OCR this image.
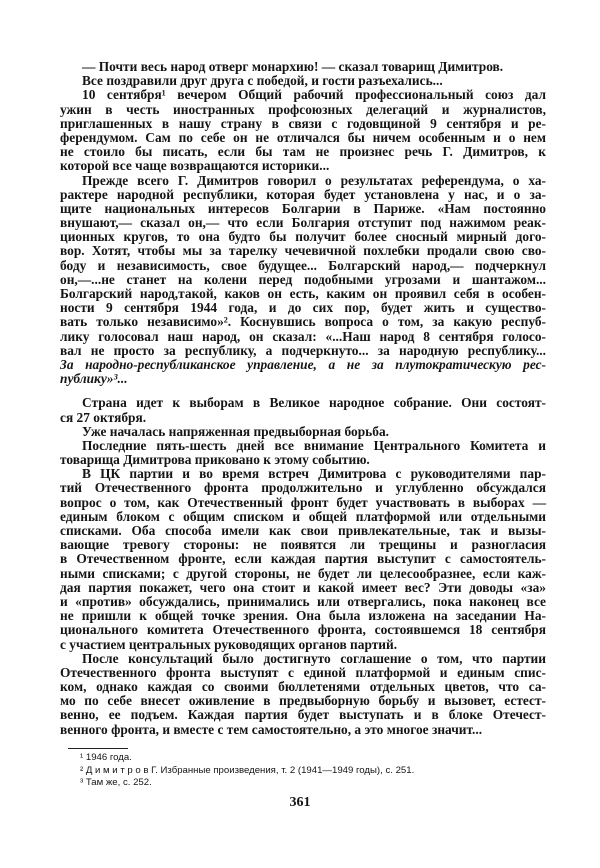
— Почти весь народ отверг монархию! — сказал товарищ Димитров.
Все поздравили друг друга с победой, и гости разъехались...
10 сентября¹ вечером Общий рабочий профессиональный союз дал
ужин в честь иностранных профсоюзных делегаций и журналистов,
приглашенных в нашу страну в связи с годовщиной 9 сентября и ре-
ферендумом. Сам по себе он не отличался бы ничем особенным и о нем
не стоило бы писать, если бы там не произнес речь Г. Димитров, к
которой все чаще возвращаются историки...
Прежде всего Г. Димитров говорил о результатах референдума, о ха-
рактере народной республики, которая будет установлена у нас, и о за-
щите национальных интересов Болгарии в Париже. «Нам постоянно
внушают,— сказал он,— что если Болгария отступит под нажимом реак-
ционных кругов, то она будто бы получит более сносный мирный дого-
вор. Хотят, чтобы мы за тарелку чечевичной похлебки продали свою сво-
боду и независимость, свое будущее... Болгарский народ,— подчеркнул
он,—...не станет на колени перед подобными угрозами и шантажом...
Болгарский народ,такой, каков он есть, каким он проявил себя в особен-
ности 9 сентября 1944 года, и до сих пор, будет жить и существо-
вать только независимо»². Коснувшись вопроса о том, за какую респуб-
лику голосовал наш народ, он сказал: «...Наш народ 8 сентября голосо-
вал не просто за республику, а подчеркнуто... за народную республику...
За народно-республиканское управление, а не за плутократическую рес-
публику»³...
Страна идет к выборам в Великое народное собрание. Они состоят-
ся 27 октября.
Уже началась напряженная предвыборная борьба.
Последние пять-шесть дней все внимание Центрального Комитета и
товарища Димитрова приковано к этому событию.
В ЦК партии и во время встреч Димитрова с руководителями пар-
тий Отечественного фронта продолжительно и углубленно обсуждался
вопрос о том, как Отечественный фронт будет участвовать в выборах —
единым блоком с общим списком и общей платформой или отдельными
списками. Оба способа имели как свои привлекательные, так и вызы-
вающие тревогу стороны: не появятся ли трещины и разногласия
в Отечественном фронте, если каждая партия выступит с самостоятель-
ными списками; с другой стороны, не будет ли целесообразнее, если каж-
дая партия покажет, чего она стоит и какой имеет вес? Эти доводы «за»
и «против» обсуждались, принимались или отвергались, пока наконец все
не пришли к общей точке зрения. Она была изложена на заседании На-
ционального комитета Отечественного фронта, состоявшемся 18 сентября
с участием центральных руководящих органов партий.
После консультаций было достигнуто соглашение о том, что партии
Отечественного фронта выступят с единой платформой и единым спис-
ком, однако каждая со своими бюллетенями отдельных цветов, что са-
мо по себе внесет оживление в предвыборную борьбу и вызовет, естест-
венно, ее подъем. Каждая партия будет выступать и в блоке Отечест-
венного фронта, и вместе с тем самостоятельно, а это многое значит...
¹ 1946 года.
² Д и м и т р о в Г. Избранные произведения, т. 2 (1941—1949 годы), с. 251.
³ Там же, с. 252.
361
